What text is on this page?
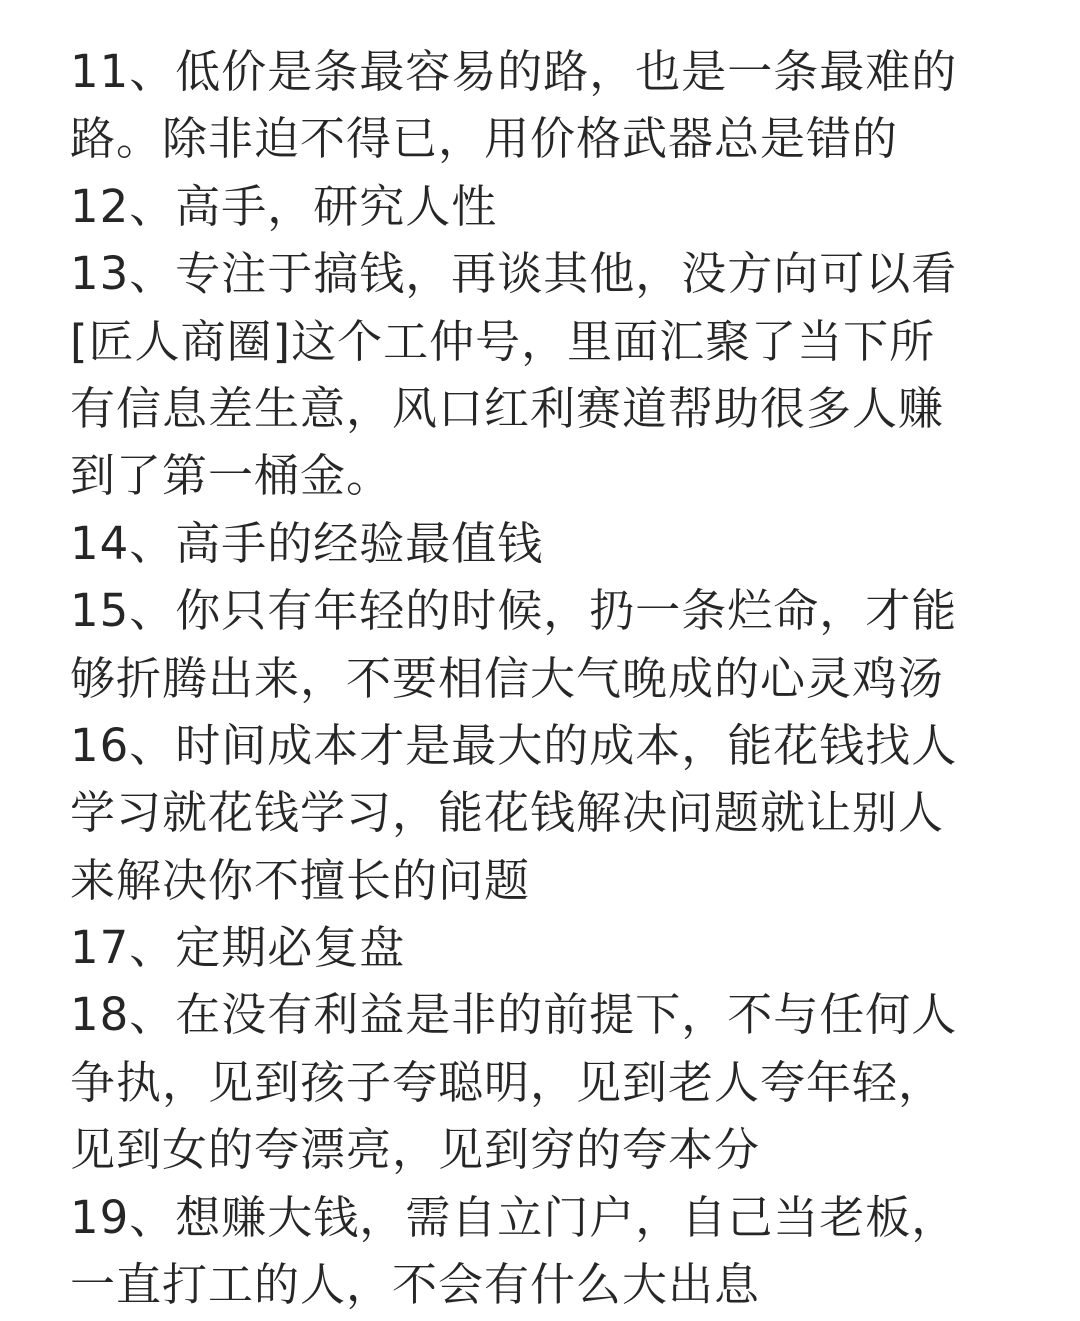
11、低价是条最容易的路，也是一条最难的
路。除非迫不得已，用价格武器总是错的
12、高手，研究人性
13、专注于搞钱，再谈其他，没方向可以看
[匠人商圈]这个工仲号，里面汇聚了当下所
有信息差生意，风口红利赛道帮助很多人赚
到了第一桶金。
14、高手的经验最值钱
15、你只有年轻的时候，扔一条烂命，才能
够折腾出来，不要相信大气晚成的心灵鸡汤
16、时间成本才是最大的成本，能花钱找人
学习就花钱学习，能花钱解决问题就让别人
来解决你不擅长的问题
17、定期必复盘
18、在没有利益是非的前提下，不与任何人
争执，见到孩子夸聪明，见到老人夸年轻，
见到女的夸漂亮，见到穷的夸本分
19、想赚大钱，需自立门户，自己当老板，
一直打工的人，不会有什么大出息
